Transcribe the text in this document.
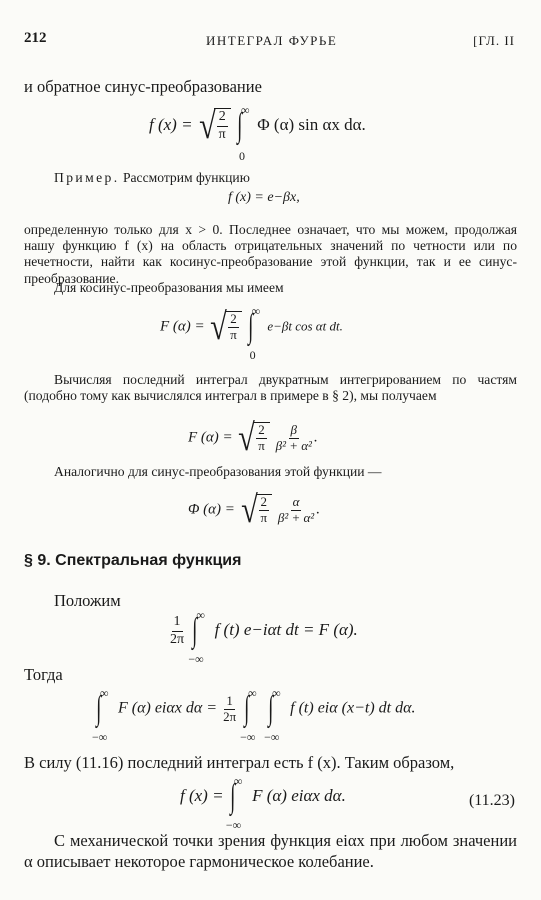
212	ИНТЕГРАЛ ФУРЬЕ	[ГЛ. II
и обратное синус-преобразование
f (x) = √ $\frac{2}{\pi}$ ∫
∞
0
Φ (α) sin αx dα.
Пример. Рассмотрим функцию
f (x) = e−βx,
определенную только для x > 0. Последнее означает, что мы можем, продолжая нашу функцию f (x) на область отрицательных значений по четности или по нечетности, найти как косинус-преобразование этой функции, так и ее синус-преобразование.
Для косинус-преобразования мы имеем
F (α) = √ $\frac{2}{\pi}$ ∫
∞
0
e−βt cos αt dt.
Вычисляя последний интеграл двукратным интегрированием по частям (подобно тому как вычислялся интеграл в примере в § 2), мы получаем
F (α) = √ $\frac{2}{\pi}$
$\frac{\beta}{\text{β² + α²}}$ .
Аналогично для синус-преобразования этой функции —
Φ (α) = √ $\frac{2}{\pi}$
$\frac{\alpha}{\text{β² + α²}}$ .
§ 9. Спектральная функция
Положим
$\frac{1}{2\pi}$ ∫
∞
−∞
f (t) e−iαt dt = F (α).
Тогда
∫
∞
−∞
F (α) eiαx $d\alpha = \frac{1}{2\pi}$ ∫
∞
−∞
∫
∞
−∞
f (t) eiα (x−t) dt dα.
В силу (11.16) последний интеграл есть f (x). Таким образом,
f (x) = ∫
∞
−∞
F (α) eiαx dα.	(11.23)
С механической точки зрения функция eiαx при любом значении α описывает некоторое гармоническое колебание.
